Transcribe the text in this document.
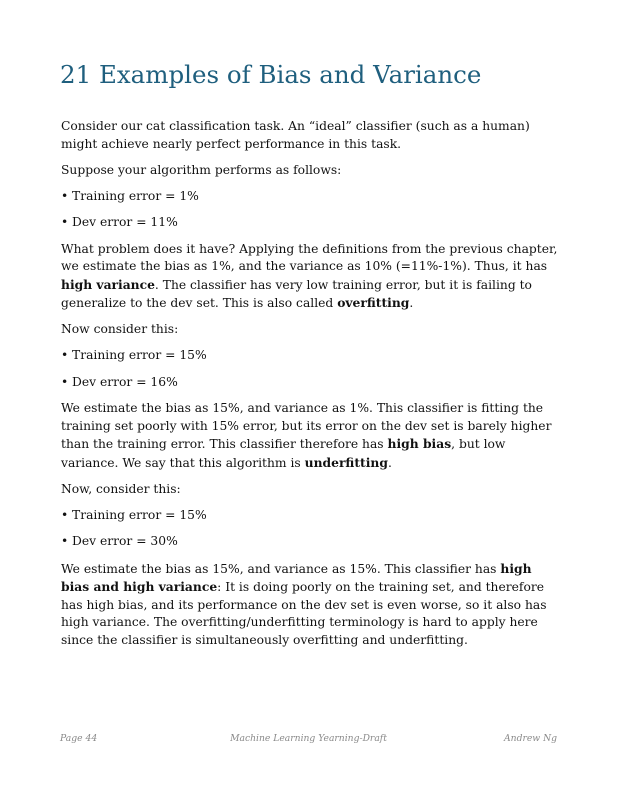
21 Examples of Bias and Variance

Consider our cat classification task. An “ideal” classifier (such as a human) might achieve nearly perfect performance in this task.

Suppose your algorithm performs as follows:

• Training error = 1%
• Dev error = 11%

What problem does it have? Applying the definitions from the previous chapter, we estimate the bias as 1%, and the variance as 10% (=11%-1%). Thus, it has high variance. The classifier has very low training error, but it is failing to generalize to the dev set. This is also called overfitting.

Now consider this:

• Training error = 15%
• Dev error = 16%

We estimate the bias as 15%, and variance as 1%. This classifier is fitting the training set poorly with 15% error, but its error on the dev set is barely higher than the training error. This classifier therefore has high bias, but low variance. We say that this algorithm is underfitting.

Now, consider this:

• Training error = 15%
• Dev error = 30%

We estimate the bias as 15%, and variance as 15%. This classifier has high bias and high variance: It is doing poorly on the training set, and therefore has high bias, and its performance on the dev set is even worse, so it also has high variance. The overfitting/underfitting terminology is hard to apply here since the classifier is simultaneously overfitting and underfitting.

Page 44	Machine Learning Yearning-Draft	Andrew Ng
